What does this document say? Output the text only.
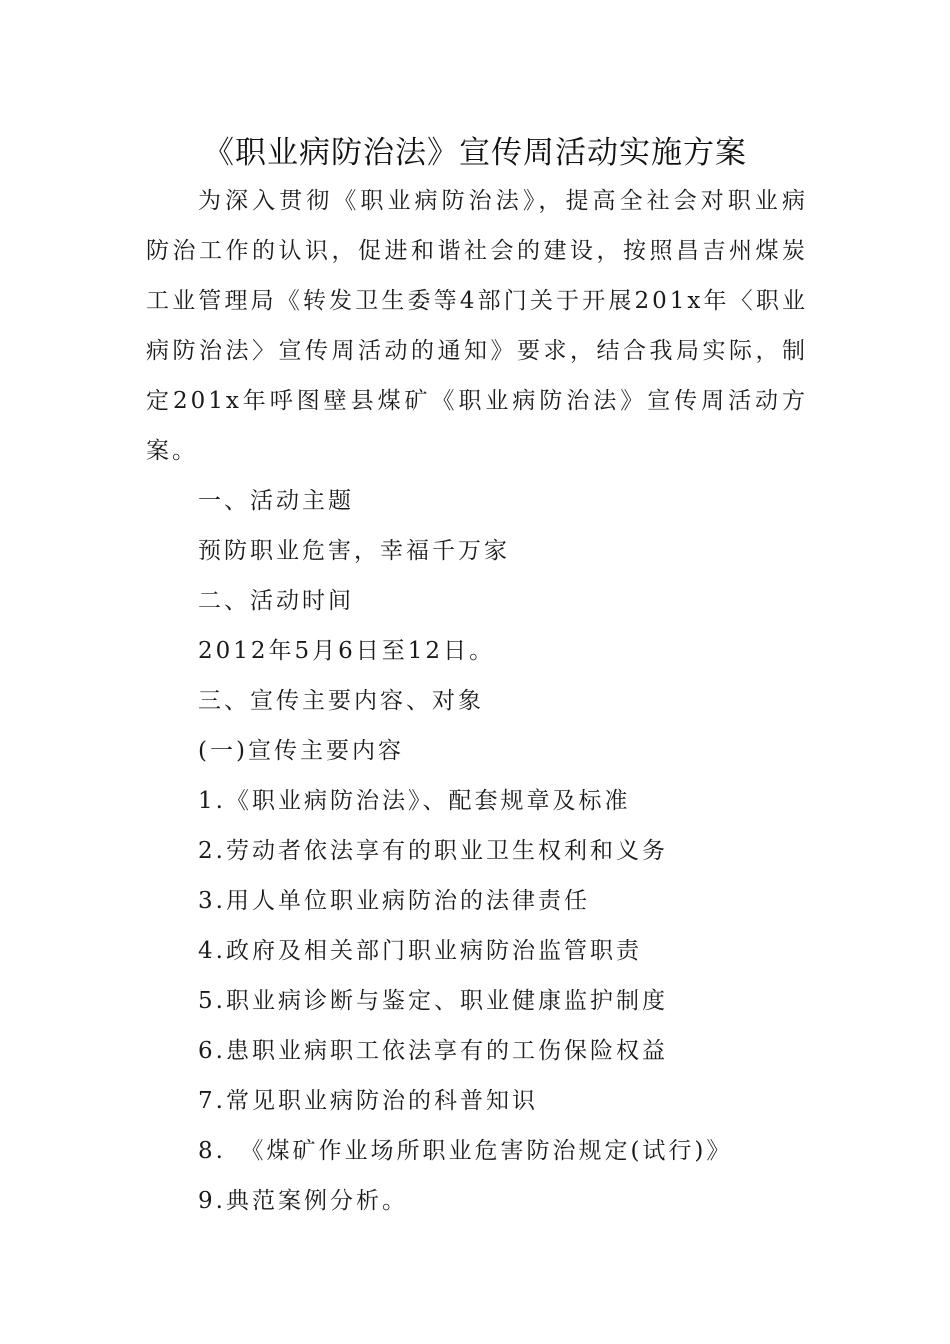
《职业病防治法》宣传周活动实施方案

为深入贯彻《职业病防治法》，提高全社会对职业病防治工作的认识，促进和谐社会的建设，按照昌吉州煤炭工业管理局《转发卫生委等4部门关于开展201x年〈职业病防治法〉宣传周活动的通知》要求，结合我局实际，制定201x年呼图壁县煤矿《职业病防治法》宣传周活动方案。

一、活动主题

预防职业危害，幸福千万家

二、活动时间

2012年5月6日至12日。

三、宣传主要内容、对象

(一)宣传主要内容

1.《职业病防治法》、配套规章及标准

2.劳动者依法享有的职业卫生权利和义务

3.用人单位职业病防治的法律责任

4.政府及相关部门职业病防治监管职责

5.职业病诊断与鉴定、职业健康监护制度

6.患职业病职工依法享有的工伤保险权益

7.常见职业病防治的科普知识

8.　《煤矿作业场所职业危害防治规定(试行)》

9.典范案例分析。
